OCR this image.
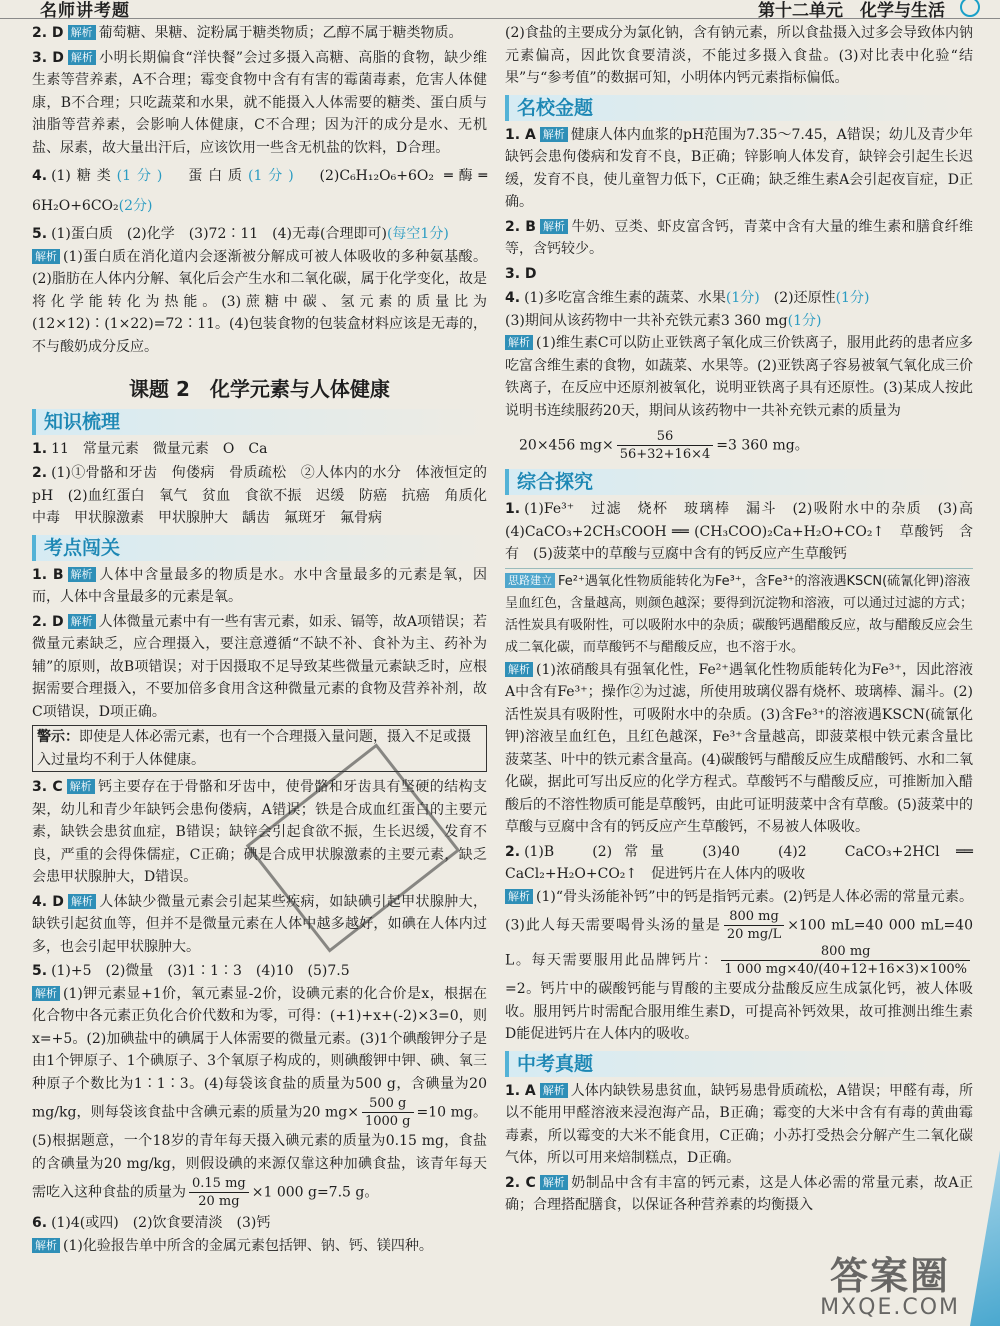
名师讲考题	第十二单元　化学与生活

2. D 解析 葡萄糖、果糖、淀粉属于糖类物质；乙醇不属于糖类物质。

3. D 解析 小明长期偏食“洋快餐”会过多摄入高糖、高脂的食物，缺少维生素等营养素，A不合理；霉变食物中含有有害的霉菌毒素，危害人体健康，B不合理；只吃蔬菜和水果，就不能摄入人体需要的糖类、蛋白质与油脂等营养素，会影响人体健康，C不合理；因为汗的成分是水、无机盐、尿素，故大量出汗后，应该饮用一些含无机盐的饮料，D合理。

4. (1)糖类(1分)　蛋白质(1分)　 (2)C₆H₁₂O₆+6O₂ ═酶═ 6H₂O+6CO₂(2分)

5. (1)蛋白质　(2)化学　(3)72∶11　(4)无毒(合理即可)(每空1分)
解析 (1)蛋白质在消化道内会逐渐被分解成可被人体吸收的多种氨基酸。(2)脂肪在人体内分解、氧化后会产生水和二氧化碳，属于化学变化，故是将化学能转化为热能。(3)蔗糖中碳、氢元素的质量比为(12×12)∶(1×22)=72∶11。(4)包装食物的包装盒材料应该是无毒的，不与酸奶成分反应。

课题 2　化学元素与人体健康
知识梳理

1. 11　常量元素　微量元素　O　Ca

2. (1)①骨骼和牙齿　佝偻病　骨质疏松　②人体内的水分　体液恒定的pH　(2)血红蛋白　氧气　贫血　食欲不振　迟缓　防癌　抗癌　角质化　中毒　甲状腺激素　甲状腺肿大　龋齿　氟斑牙　氟骨病

考点闯关

1. B 解析 人体中含量最多的物质是水。水中含量最多的元素是氧，因而，人体中含量最多的元素是氧。

2. D 解析 人体微量元素中有一些有害元素，如汞、镉等，故A项错误；若微量元素缺乏，应合理摄入，要注意遵循“不缺不补、食补为主、药补为辅”的原则，故B项错误；对于因摄取不足导致某些微量元素缺乏时，应根据需要合理摄入，不要加倍多食用含这种微量元素的食物及营养补剂，故C项错误，D项正确。

警示：即使是人体必需元素，也有一个合理摄入量问题，摄入不足或摄入过量均不利于人体健康。

3. C 解析 钙主要存在于骨骼和牙齿中，使骨骼和牙齿具有坚硬的结构支架，幼儿和青少年缺钙会患佝偻病，A错误；铁是合成血红蛋白的主要元素，缺铁会患贫血症，B错误；缺锌会引起食欲不振，生长迟缓，发育不良，严重的会得侏儒症，C正确；碘是合成甲状腺激素的主要元素，缺乏会患甲状腺肿大，D错误。

4. D 解析 人体缺少微量元素会引起某些疾病，如缺碘引起甲状腺肿大，缺铁引起贫血等，但并不是微量元素在人体中越多越好，如碘在人体内过多，也会引起甲状腺肿大。

5. (1)+5　(2)微量　(3)1∶1∶3　(4)10　(5)7.5
解析 (1)钾元素显+1价，氧元素显-2价，设碘元素的化合价是x，根据在化合物中各元素正负化合价代数和为零，可得：(+1)+x+(-2)×3=0，则x=+5。(2)加碘盐中的碘属于人体需要的微量元素。(3)1个碘酸钾分子是由1个钾原子、1个碘原子、3个氧原子构成的，则碘酸钾中钾、碘、氧三种原子个数比为1∶1∶3。(4)每袋该食盐的质量为500 g，含碘量为20 mg/kg，则每袋该食盐中含碘元素的质量为20 $mg\times \frac{500 g}{1000 g} =10$ mg。(5)根据题意，一个18岁的青年每天摄入碘元素的质量为0.15 mg，食盐的含碘量为20 mg/kg，则假设碘的来源仅靠这种加碘食盐，该青年每天需吃入这种食盐的质量为 $\frac{0.15 mg}{20 mg} \times 1$ 000 g=7.5 g。

6. (1)4(或四)　(2)饮食要清淡　(3)钙
解析 (1)化验报告单中所含的金属元素包括钾、钠、钙、镁四种。

(2)食盐的主要成分为氯化钠，含有钠元素，所以食盐摄入过多会导致体内钠元素偏高，因此饮食要清淡，不能过多摄入食盐。(3)对比表中化验“结果”与“参考值”的数据可知，小明体内钙元素指标偏低。

名校金题

1. A 解析 健康人体内血浆的pH范围为7.35～7.45，A错误；幼儿及青少年缺钙会患佝偻病和发育不良，B正确；锌影响人体发育，缺锌会引起生长迟缓，发育不良，使儿童智力低下，C正确；缺乏维生素A会引起夜盲症，D正确。

2. B 解析 牛奶、豆类、虾皮富含钙，青菜中含有大量的维生素和膳食纤维等，含钙较少。

3. D

4. (1)多吃富含维生素的蔬菜、水果(1分)　 (2)还原性(1分)
(3)期间从该药物中一共补充铁元素3 360 mg(1分)
解析 (1)维生素C可以防止亚铁离子氧化成三价铁离子，服用此药的患者应多吃富含维生素的食物，如蔬菜、水果等。(2)亚铁离子容易被氧气氧化成三价铁离子，在反应中还原剂被氧化，说明亚铁离子具有还原性。(3)某成人按此说明书连续服药20天，期间从该药物中一共补充铁元素的质量为

20×456 $mg\times \frac{56}{56+32+16\times 4} =3$ 360 mg。
综合探究

1. (1)Fe³⁺　过滤　烧杯　玻璃棒　漏斗　(2)吸附水中的杂质　(3)高　(4)CaCO₃+2CH₃COOH ══ (CH₃COO)₂Ca+H₂O+CO₂↑　草酸钙　含有　(5)菠菜中的草酸与豆腐中含有的钙反应产生草酸钙

思路建立 Fe²⁺遇氧化性物质能转化为Fe³⁺，含Fe³⁺的溶液遇KSCN(硫氰化钾)溶液呈血红色，含量越高，则颜色越深；要得到沉淀物和溶液，可以通过过滤的方式；活性炭具有吸附性，可以吸附水中的杂质；碳酸钙遇醋酸反应，故与醋酸反应会生成二氧化碳，而草酸钙不与醋酸反应，也不溶于水。

解析 (1)浓硝酸具有强氧化性，Fe²⁺遇氧化性物质能转化为Fe³⁺，因此溶液A中含有Fe³⁺；操作②为过滤，所使用玻璃仪器有烧杯、玻璃棒、漏斗。(2)活性炭具有吸附性，可吸附水中的杂质。(3)含Fe³⁺的溶液遇KSCN(硫氰化钾)溶液呈血红色，且红色越深，Fe³⁺含量越高，即菠菜根中铁元素含量比菠菜茎、叶中的铁元素含量高。(4)碳酸钙与醋酸反应生成醋酸钙、水和二氧化碳，据此可写出反应的化学方程式。草酸钙不与醋酸反应，可推断加入醋酸后的不溶性物质可能是草酸钙，由此可证明菠菜中含有草酸。(5)菠菜中的草酸与豆腐中含有的钙反应产生草酸钙，不易被人体吸收。

2. (1)B　(2)常量　(3)40　(4)2　CaCO₃+2HCl ══ CaCl₂+H₂O+CO₂↑　促进钙片在人体内的吸收
解析 (1)“骨头汤能补钙”中的钙是指钙元素。(2)钙是人体必需的常量元素。(3)此人每天需要喝骨头汤的量是 $\frac{800 mg}{20 mg/L} \times 100$ mL=40 000 mL=40 L。每天需要服用此品牌钙片： $\frac{800 mg}{1 000 mg\times 40/(40+12+16\times 3)\times 100\%}$
=2。钙片中的碳酸钙能与胃酸的主要成分盐酸反应生成氯化钙，被人体吸收。服用钙片时需配合服用维生素D，可提高补钙效果，故可推测出维生素D能促进钙片在人体内的吸收。

中考真题

1. A 解析 人体内缺铁易患贫血，缺钙易患骨质疏松，A错误；甲醛有毒，所以不能用甲醛溶液来浸泡海产品，B正确；霉变的大米中含有有毒的黄曲霉毒素，所以霉变的大米不能食用，C正确；小苏打受热会分解产生二氧化碳气体，所以可用来焙制糕点，D正确。

2. C 解析 奶制品中含有丰富的钙元素，这是人体必需的常量元素，故A正确；合理搭配膳食，以保证各种营养素的均衡摄入

答案圈
MXQE.COM
